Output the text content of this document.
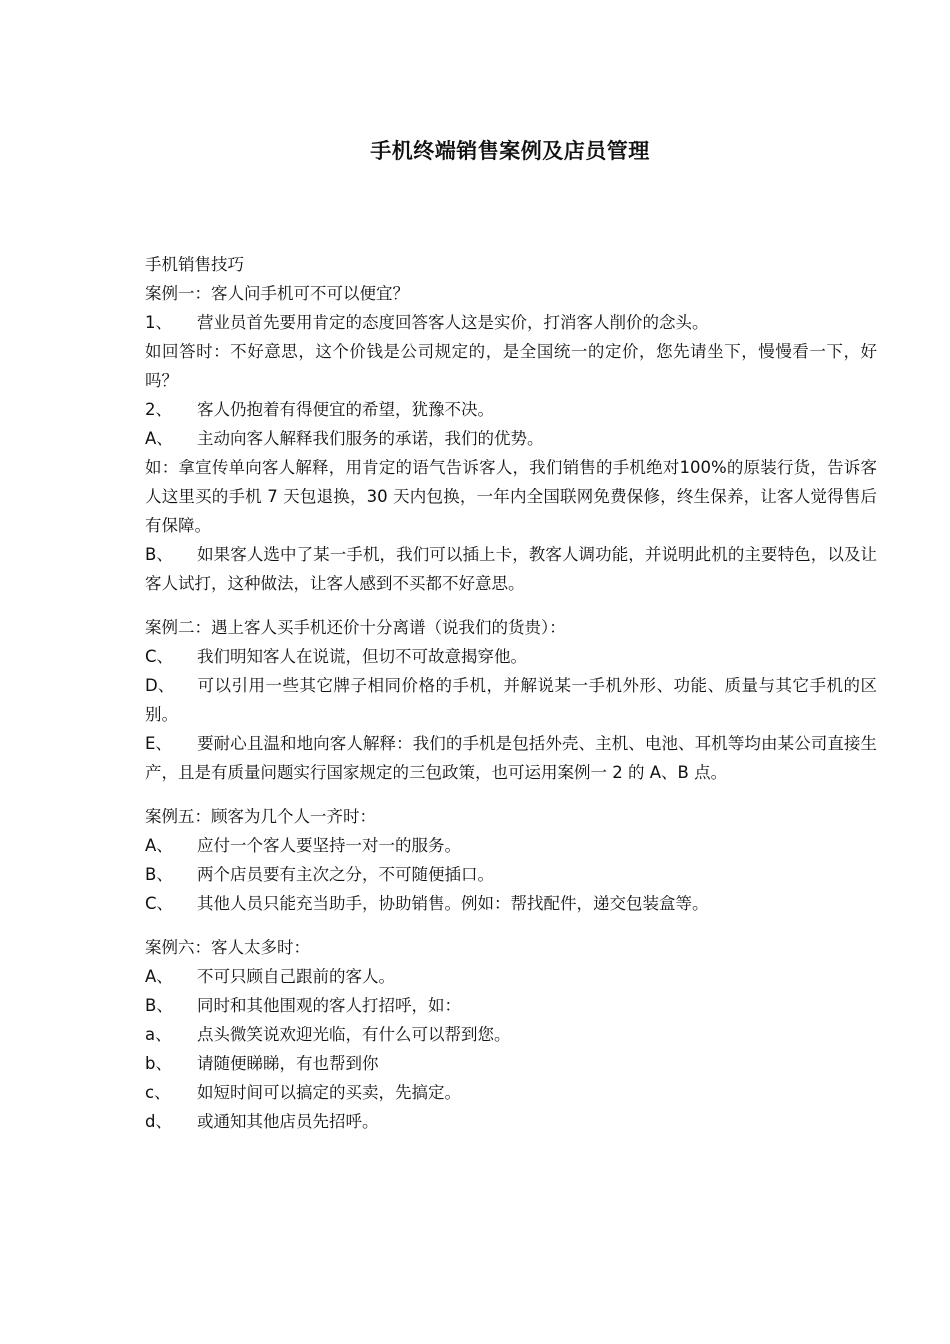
手机终端销售案例及店员管理

手机销售技巧

案例一：客人问手机可不可以便宜？

1、	营业员首先要用肯定的态度回答客人这是实价，打消客人削价的念头。

如回答时：不好意思，这个价钱是公司规定的，是全国统一的定价，您先请坐下，慢慢看一下，好吗？

2、	客人仍抱着有得便宜的希望，犹豫不决。
A、	主动向客人解释我们服务的承诺，我们的优势。

如：拿宣传单向客人解释，用肯定的语气告诉客人，我们销售的手机绝对100%的原装行货，告诉客人这里买的手机 7 天包退换，30 天内包换，一年内全国联网免费保修，终生保养，让客人觉得售后有保障。

B、 如果客人选中了某一手机，我们可以插上卡，教客人调功能，并说明此机的主要特色，以及让客人试打，这种做法，让客人感到不买都不好意思。

案例二：遇上客人买手机还价十分离谱（说我们的货贵）：

C、	我们明知客人在说谎，但切不可故意揭穿他。

D、 可以引用一些其它牌子相同价格的手机，并解说某一手机外形、功能、质量与其它手机的区别。

E、 要耐心且温和地向客人解释：我们的手机是包括外壳、主机、电池、耳机等均由某公司直接生产，且是有质量问题实行国家规定的三包政策，也可运用案例一 2 的 A、B 点。

案例五：顾客为几个人一齐时：

A、	应付一个客人要坚持一对一的服务。
B、	两个店员要有主次之分，不可随便插口。
C、	其他人员只能充当助手，协助销售。例如：帮找配件，递交包装盒等。

案例六：客人太多时：

A、	不可只顾自己跟前的客人。
B、	同时和其他围观的客人打招呼，如：
a、	点头微笑说欢迎光临，有什么可以帮到您。
b、	请随便睇睇，有也帮到你
c、	如短时间可以搞定的买卖，先搞定。
d、	或通知其他店员先招呼。
